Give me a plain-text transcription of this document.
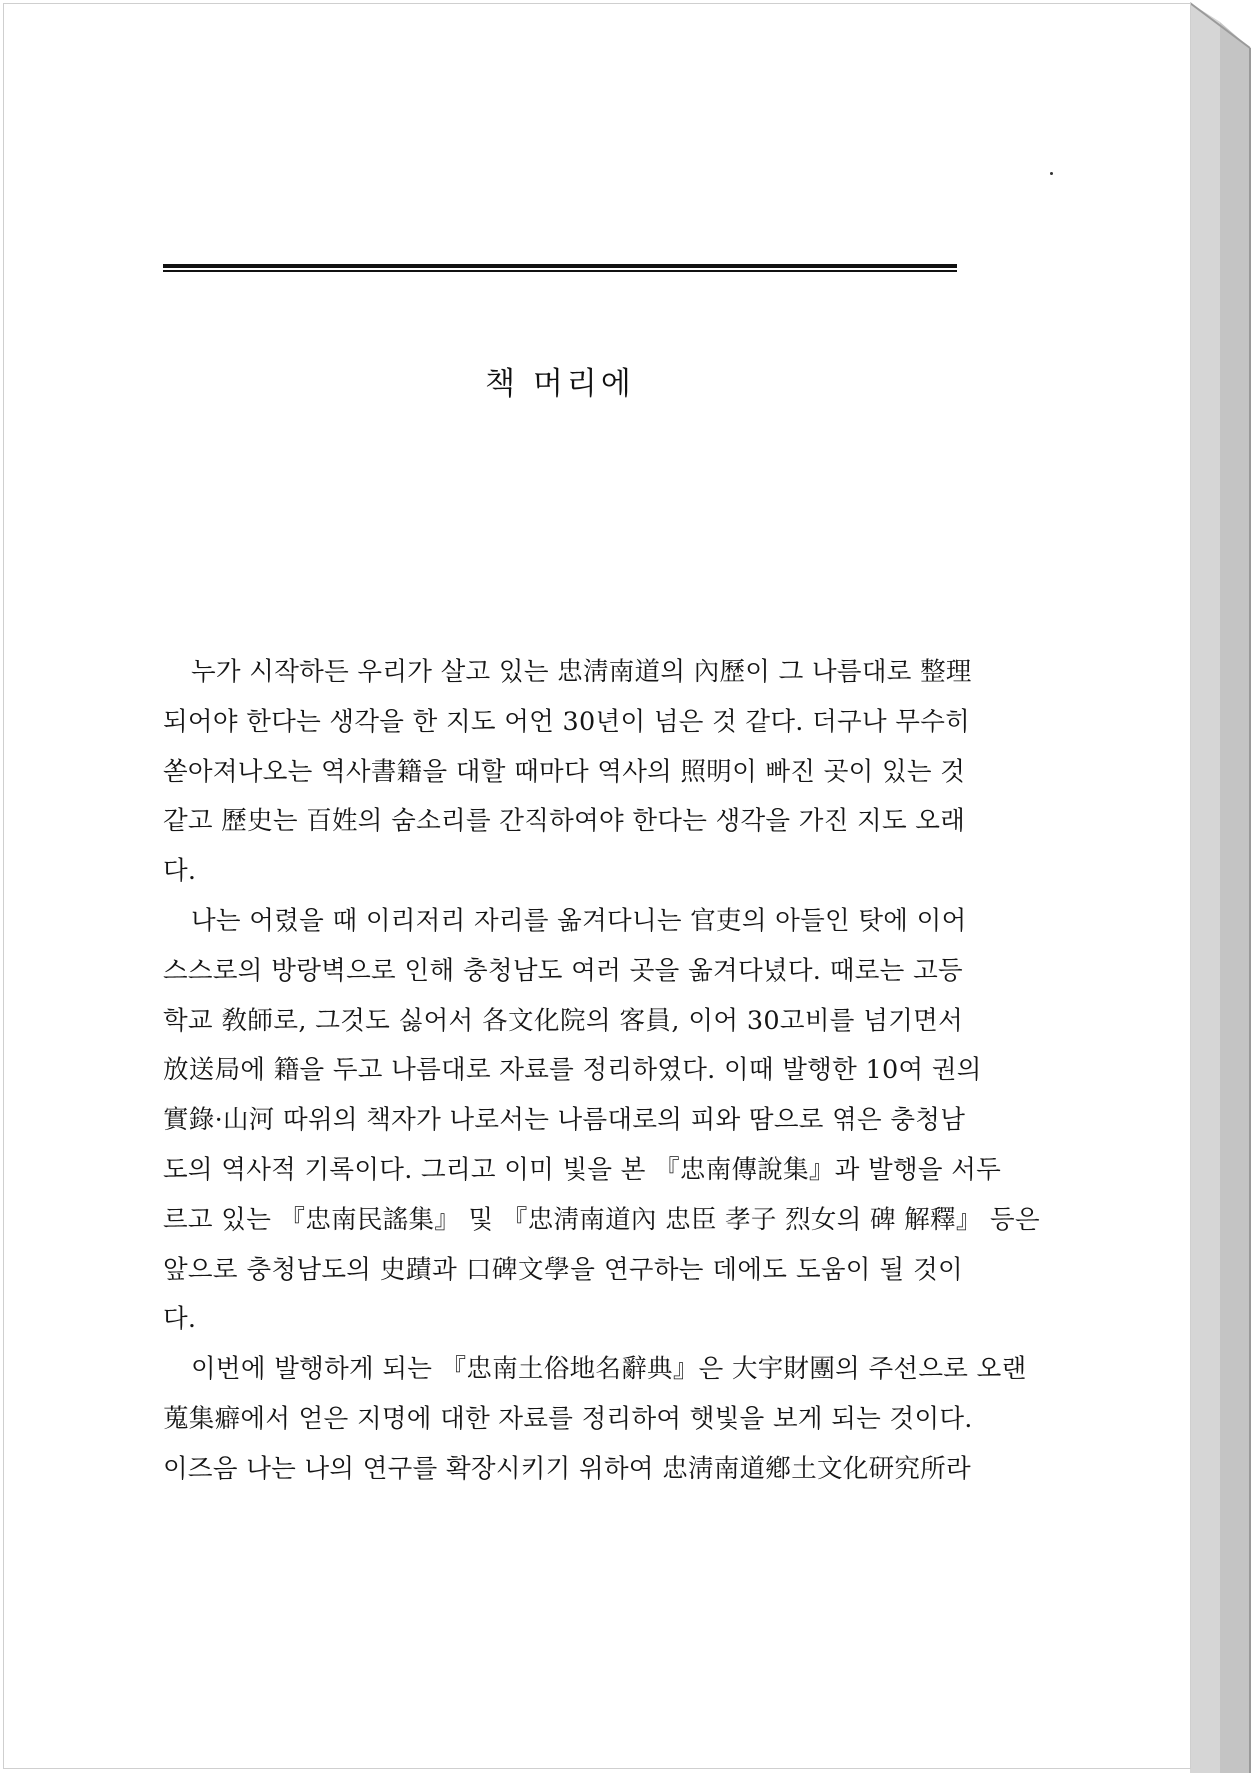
책 머리에
누가 시작하든 우리가 살고 있는 忠淸南道의 內歷이 그 나름대로 整理
되어야 한다는 생각을 한 지도 어언 30년이 넘은 것 같다. 더구나 무수히
쏟아져나오는 역사書籍을 대할 때마다 역사의 照明이 빠진 곳이 있는 것
같고 歷史는 百姓의 숨소리를 간직하여야 한다는 생각을 가진 지도 오래
다.
나는 어렸을 때 이리저리 자리를 옮겨다니는 官吏의 아들인 탓에 이어
스스로의 방랑벽으로 인해 충청남도 여러 곳을 옮겨다녔다. 때로는 고등
학교 敎師로, 그것도 싫어서 各文化院의 客員, 이어 30고비를 넘기면서
放送局에 籍을 두고 나름대로 자료를 정리하였다. 이때 발행한 10여 권의
實錄·山河 따위의 책자가 나로서는 나름대로의 피와 땀으로 엮은 충청남
도의 역사적 기록이다. 그리고 이미 빛을 본 『忠南傳說集』과 발행을 서두
르고 있는 『忠南民謠集』 및 『忠淸南道內 忠臣 孝子 烈女의 碑 解釋』 등은
앞으로 충청남도의 史蹟과 口碑文學을 연구하는 데에도 도움이 될 것이
다.
이번에 발행하게 되는 『忠南土俗地名辭典』은 大宇財團의 주선으로 오랜
蒐集癖에서 얻은 지명에 대한 자료를 정리하여 햇빛을 보게 되는 것이다.
이즈음 나는 나의 연구를 확장시키기 위하여 忠淸南道鄕土文化研究所라
